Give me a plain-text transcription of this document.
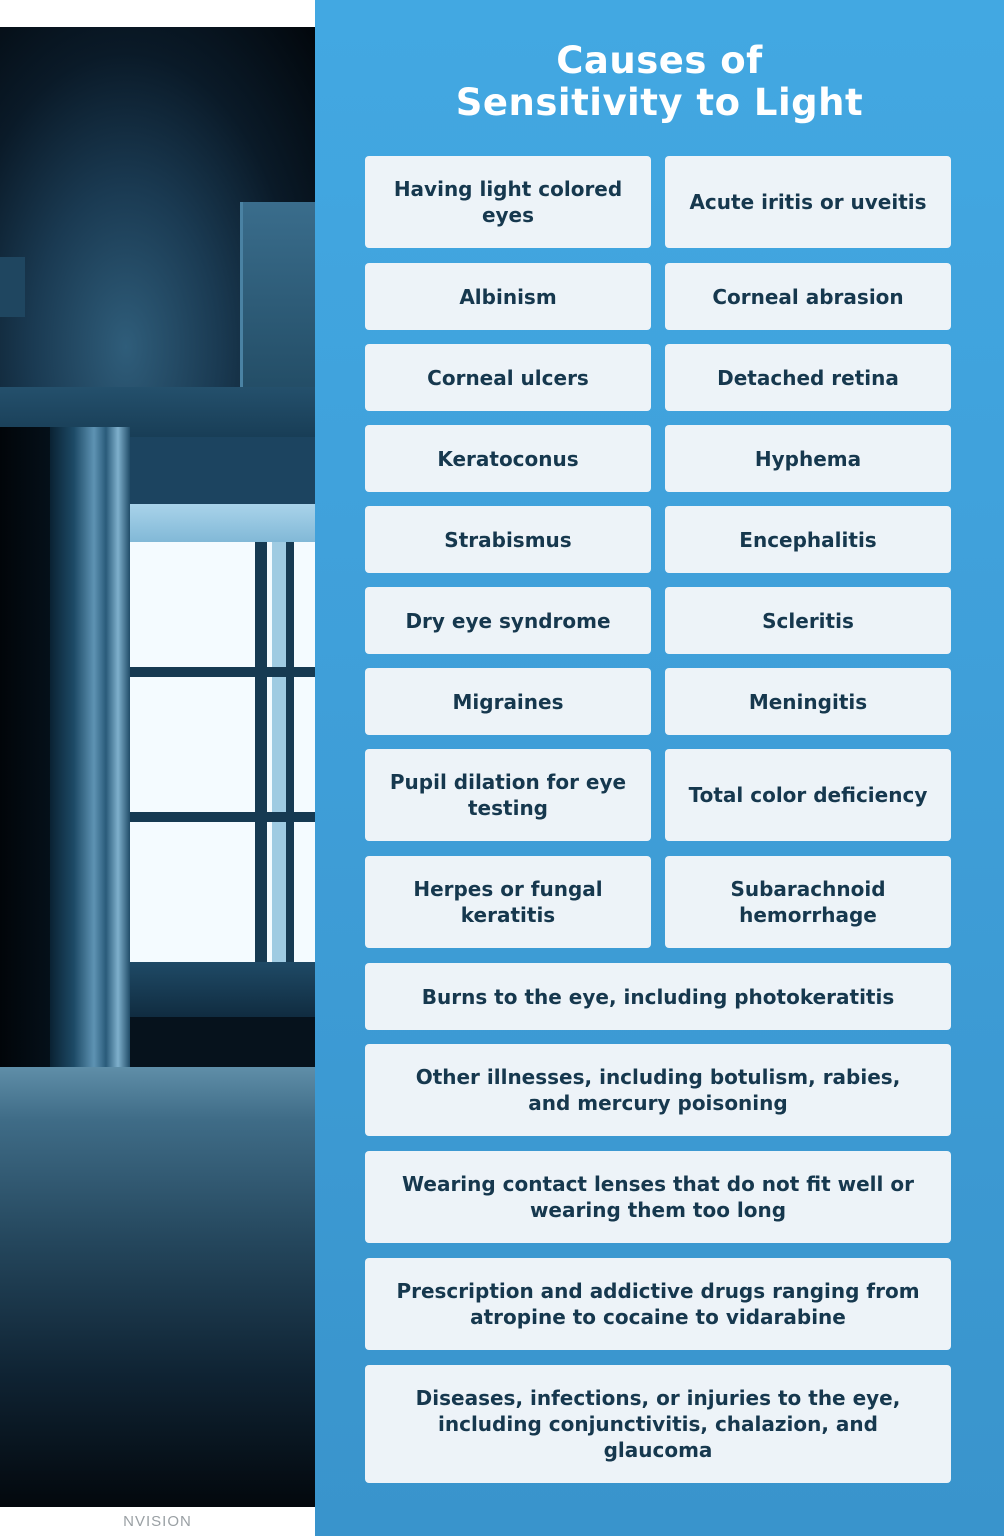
NVISION
Causes of
Sensitivity to Light
Having light colored eyes
Acute iritis or uveitis
Albinism	Corneal abrasion
Corneal ulcers	Detached retina
Keratoconus	Hyphema
Strabismus	Encephalitis
Dry eye syndrome	Scleritis
Migraines	Meningitis
Pupil dilation for eye testing
Total color deficiency
Herpes or fungal keratitis
Subarachnoid hemorrhage
Burns to the eye, including photokeratitis
Other illnesses, including botulism, rabies, and mercury poisoning
Wearing contact lenses that do not fit well or wearing them too long
Prescription and addictive drugs ranging from atropine to cocaine to vidarabine
Diseases, infections, or injuries to the eye, including conjunctivitis, chalazion, and glaucoma
